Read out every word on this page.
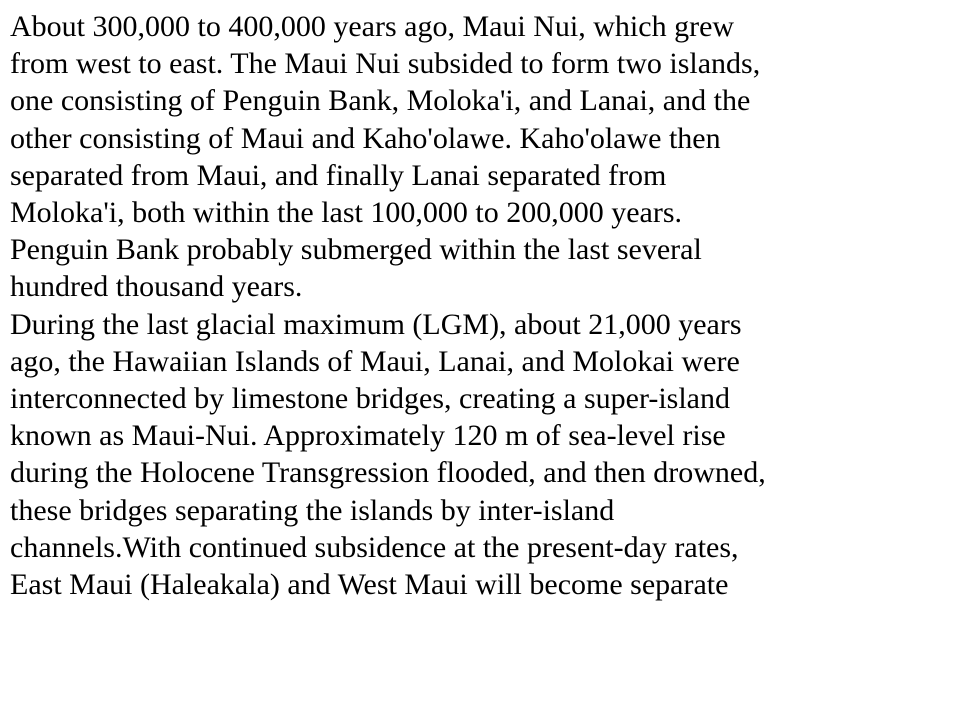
About 300,000 to 400,000 years ago, Maui Nui, which grew
from west to east. The Maui Nui subsided to form two islands,
one consisting of Penguin Bank, Moloka'i, and Lanai, and the
other consisting of Maui and Kaho'olawe. Kaho'olawe then
separated from Maui, and finally Lanai separated from
Moloka'i, both within the last 100,000 to 200,000 years.
Penguin Bank probably submerged within the last several
hundred thousand years.
During the last glacial maximum (LGM), about 21,000 years
ago, the Hawaiian Islands of Maui, Lanai, and Molokai were
interconnected by limestone bridges, creating a super-island
known as Maui-Nui. Approximately 120 m of sea-level rise
during the Holocene Transgression flooded, and then drowned,
these bridges separating the islands by inter-island
channels.With continued subsidence at the present-day rates,
East Maui (Haleakala) and West Maui will become separate
